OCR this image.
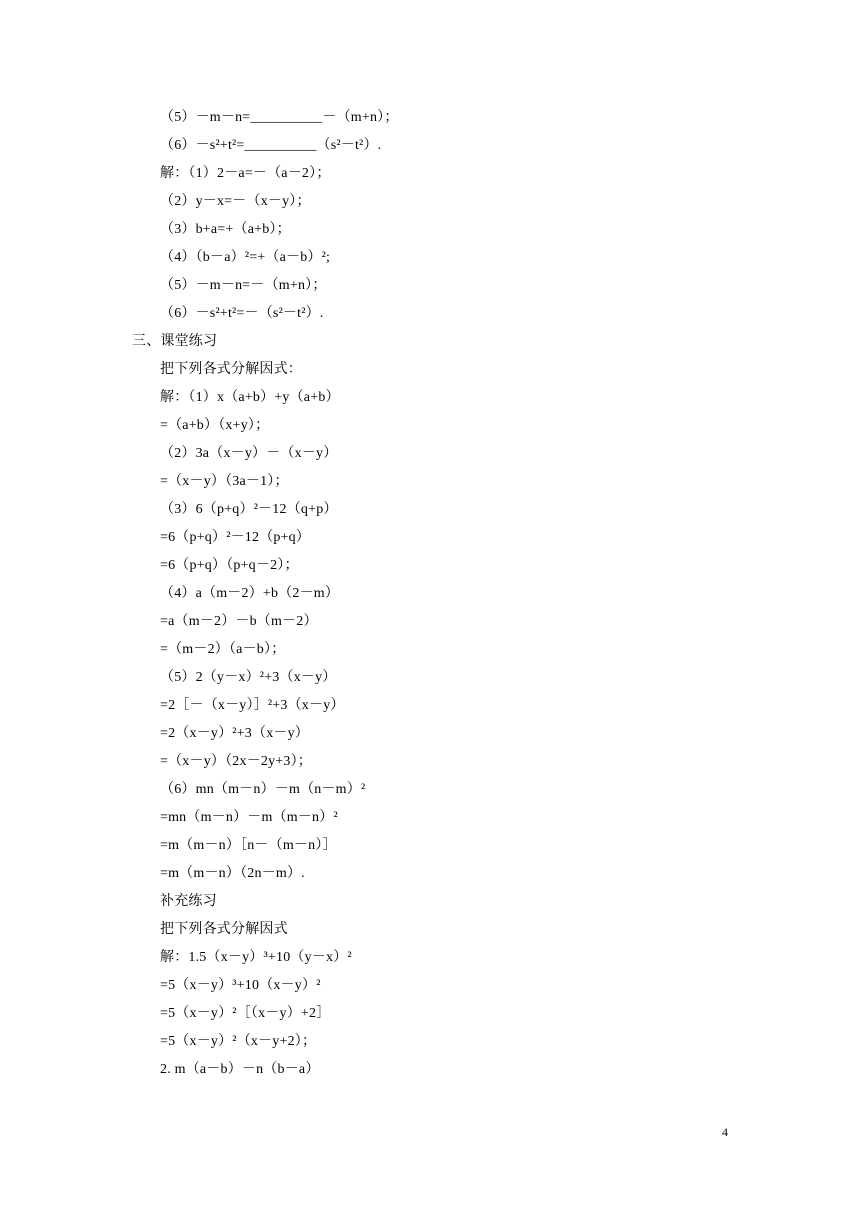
（5）－m－n=__________－（m+n）；
（6）－s²+t²=__________（s²－t²）.
解：（1）2－a=－（a－2）；
（2）y－x=－（x－y）；
（3）b+a=+（a+b）；
（4）（b－a）²=+（a－b）²;
（5）－m－n=－（m+n）；
（6）－s²+t²=－（s²－t²）.
三、课堂练习
把下列各式分解因式：
解：（1）x（a+b）+y（a+b）
=（a+b）（x+y）；
（2）3a（x－y）－（x－y）
=（x－y）（3a－1）；
（3）6（p+q）²－12（q+p）
=6（p+q）²－12（p+q）
=6（p+q）（p+q－2）；
（4）a（m－2）+b（2－m）
=a（m－2）－b（m－2）
=（m－2）（a－b）；
（5）2（y－x）²+3（x－y）
=2［－（x－y）］²+3（x－y）
=2（x－y）²+3（x－y）
=（x－y）（2x－2y+3）；
（6）mn（m－n）－m（n－m）²
=mn（m－n）－m（m－n）²
=m（m－n）［n－（m－n）］
=m（m－n）（2n－m）.
补充练习
把下列各式分解因式
解：1.5（x－y）³+10（y－x）²
=5（x－y）³+10（x－y）²
=5（x－y）²［（x－y）+2］
=5（x－y）²（x－y+2）；
2. m（a－b）－n（b－a）
4
